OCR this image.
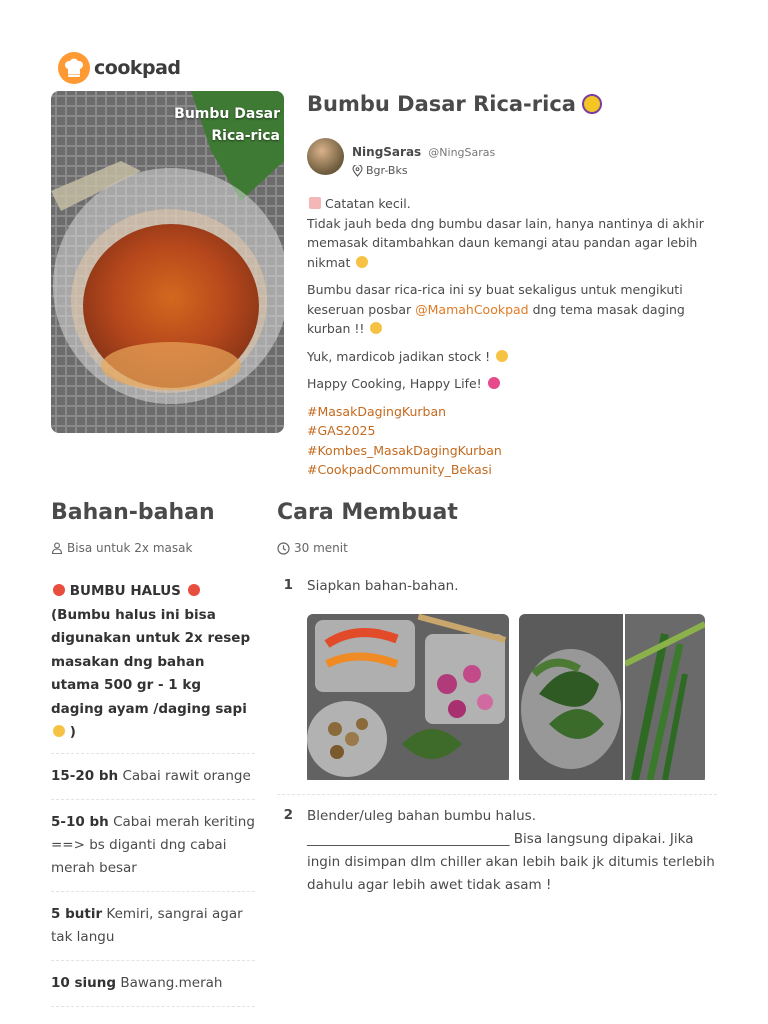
cookpad
Bumbu Dasar
Rica-rica
Bumbu Dasar Rica-rica
NingSaras @NingSaras
Bgr-Bks

Catatan kecil.
Tidak jauh beda dng bumbu dasar lain, hanya nantinya di akhir memasak ditambahkan daun kemangi atau pandan agar lebih nikmat

Bumbu dasar rica-rica ini sy buat sekaligus untuk mengikuti keseruan posbar @MamahCookpad dng tema masak daging kurban !!

Yuk, mardicob jadikan stock !

Happy Cooking, Happy Life!

#MasakDagingKurban
#GAS2025
#Kombes_MasakDagingKurban
#CookpadCommunity_Bekasi
Bahan-bahan
Bisa untuk 2x masak
Cara Membuat
30 menit
BUMBU HALUS
(Bumbu halus ini bisa digunakan untuk 2x resep masakan dng bahan utama 500 gr - 1 kg daging ayam /daging sapi  )
15-20 bh Cabai rawit orange
5-10 bh Cabai merah keriting ==> bs diganti dng cabai merah besar
5 butir Kemiri, sangrai agar tak langu
10 siung Bawang.merah
1 Siapkan bahan-bahan.
2 Blender/uleg bahan bumbu halus. ______________________________ Bisa langsung dipakai. Jika ingin disimpan dlm chiller akan lebih baik jk ditumis terlebih dahulu agar lebih awet tidak asam !
